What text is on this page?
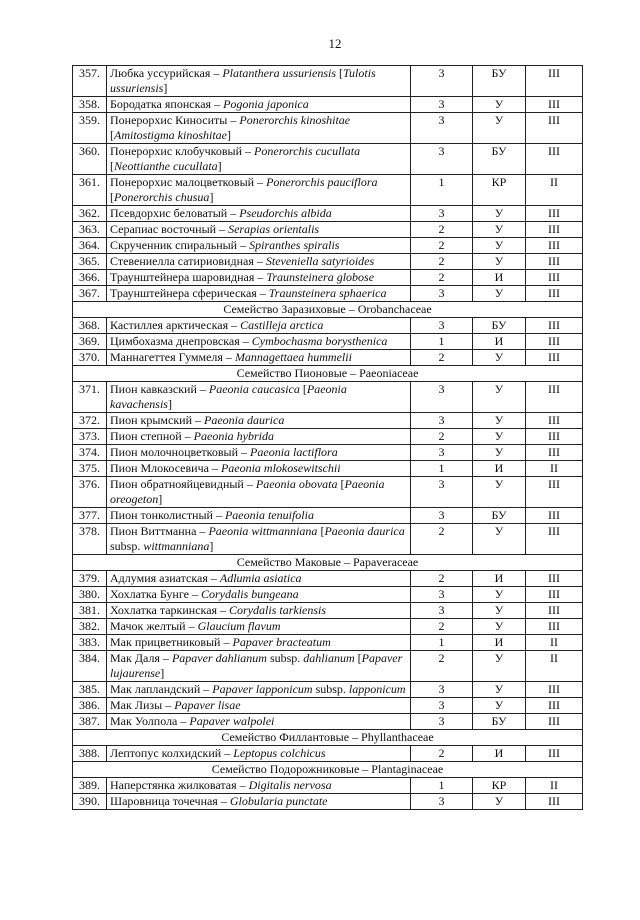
12
357.	Любка уссурийская – Platanthera ussuriensis [Tulotis ussuriensis]	3	БУ	III
358.	Бородатка японская – Pogonia japonica	3	У	III
359.	Понерорхис Киноситы – Ponerorchis kinoshitae [Amitostigma kinoshitae]	3	У	III
360.	Понерорхис клобучковый – Ponerorchis cucullata [Neottianthe cucullata]	3	БУ	III
361.	Понерорхис малоцветковый – Ponerorchis pauciflora [Ponerorchis chusua]	1	КР	II
362.	Псевдорхис беловатый – Pseudorchis albida	3	У	III
363.	Серапиас восточный – Serapias orientalis	2	У	III
364.	Скрученник спиральный – Spiranthes spiralis	2	У	III
365.	Стевениелла сатириовидная – Steveniella satyrioides	2	У	III
366.	Траунштейнера шаровидная – Traunsteinera globose	2	И	III
367.	Траунштейнера сферическая – Traunsteinera sphaerica	3	У	III
Семейство Заразиховые – Orobanchaceae				
368.	Кастиллея арктическая – Castilleja arctica	3	БУ	III
369.	Цимбохазма днепровская – Cymbochasma borysthenica	1	И	III
370.	Маннагеттея Гуммеля – Mannagettaea hummelii	2	У	III
Семейство Пионовые – Paeoniaceae				
371.	Пион кавказский – Paeonia caucasica [Paeonia kavachensis]	3	У	III
372.	Пион крымский – Paeonia daurica	3	У	III
373.	Пион степной – Paeonia hybrida	2	У	III
374.	Пион молочноцветковый – Paeonia lactiflora	3	У	III
375.	Пион Млокосевича – Paeonia mlokosewitschii	1	И	II
376.	Пион обратнояйцевидный – Paeonia obovata [Paeonia oreogeton]	3	У	III
377.	Пион тонколистный – Paeonia tenuifolia	3	БУ	III
378.	Пион Виттманна – Paeonia wittmanniana [Paeonia daurica subsp. wittmanniana]	2	У	III
Семейство Маковые – Papaveraceae				
379.	Адлумия азиатская – Adlumia asiatica	2	И	III
380.	Хохлатка Бунге – Corydalis bungeana	3	У	III
381.	Хохлатка таркинская – Corydalis tarkiensis	3	У	III
382.	Мачок желтый – Glaucium flavum	2	У	III
383.	Мак прицветниковый – Papaver bracteatum	1	И	II
384.	Мак Даля – Papaver dahlianum subsp. dahlianum [Papaver lujaurense]	2	У	II
385.	Мак лапландский – Papaver lapponicum subsp. lapponicum	3	У	III
386.	Мак Лизы – Papaver lisae	3	У	III
387.	Мак Уолпола – Papaver walpolei	3	БУ	III
Семейство Филлантовые – Phyllanthaceae				
388.	Лептопус колхидский – Leptopus colchicus	2	И	III
Семейство Подорожниковые – Plantaginaceae				
389.	Наперстянка жилковатая – Digitalis nervosa	1	КР	II
390.	Шаровница точечная – Globularia punctate	3	У	III
